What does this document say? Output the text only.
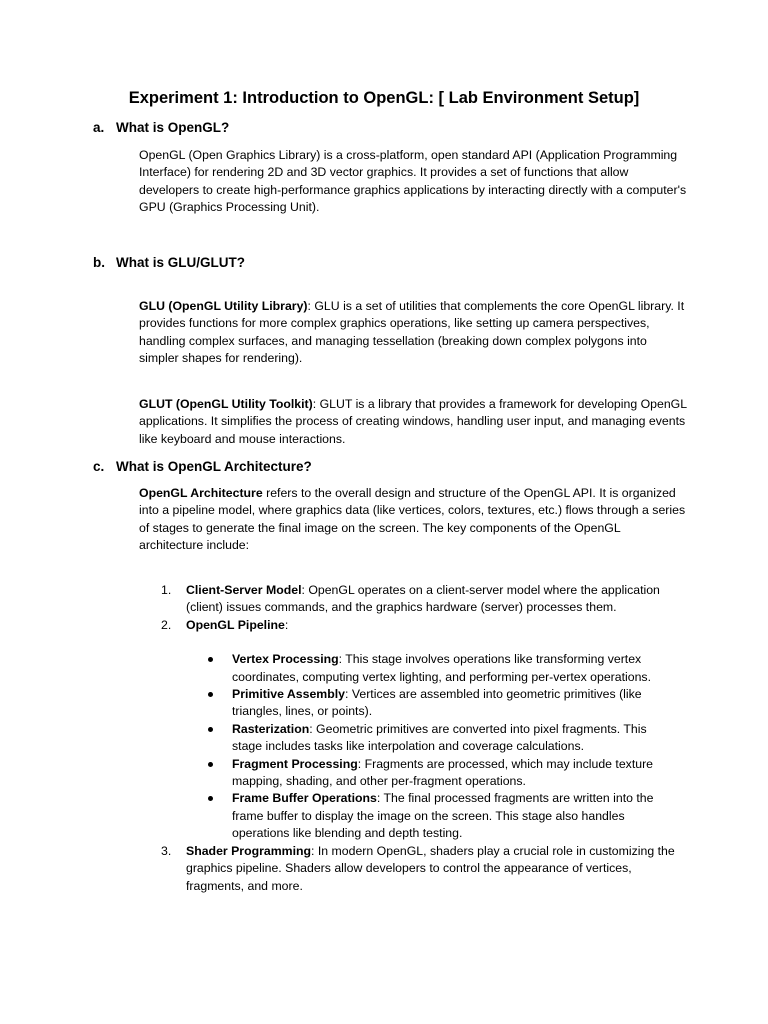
Experiment 1: Introduction to OpenGL: [ Lab Environment Setup]
a. What is OpenGL?

OpenGL (Open Graphics Library) is a cross-platform, open standard API (Application Programming Interface) for rendering 2D and 3D vector graphics. It provides a set of functions that allow developers to create high-performance graphics applications by interacting directly with a computer's GPU (Graphics Processing Unit).

b. What is GLU/GLUT?

GLU (OpenGL Utility Library): GLU is a set of utilities that complements the core OpenGL library. It provides functions for more complex graphics operations, like setting up camera perspectives, handling complex surfaces, and managing tessellation (breaking down complex polygons into simpler shapes for rendering).

GLUT (OpenGL Utility Toolkit): GLUT is a library that provides a framework for developing OpenGL applications. It simplifies the process of creating windows, handling user input, and managing events like keyboard and mouse interactions.

c. What is OpenGL Architecture?

OpenGL Architecture refers to the overall design and structure of the OpenGL API. It is organized into a pipeline model, where graphics data (like vertices, colors, textures, etc.) flows through a series of stages to generate the final image on the screen. The key components of the OpenGL architecture include:

1. Client-Server Model: OpenGL operates on a client-server model where the application (client) issues commands, and the graphics hardware (server) processes them.
2. OpenGL Pipeline:
Vertex Processing: This stage involves operations like transforming vertex coordinates, computing vertex lighting, and performing per-vertex operations.
Primitive Assembly: Vertices are assembled into geometric primitives (like triangles, lines, or points).
Rasterization: Geometric primitives are converted into pixel fragments. This stage includes tasks like interpolation and coverage calculations.
Fragment Processing: Fragments are processed, which may include texture mapping, shading, and other per-fragment operations.
Frame Buffer Operations: The final processed fragments are written into the frame buffer to display the image on the screen. This stage also handles operations like blending and depth testing.
3. Shader Programming: In modern OpenGL, shaders play a crucial role in customizing the graphics pipeline. Shaders allow developers to control the appearance of vertices, fragments, and more.
